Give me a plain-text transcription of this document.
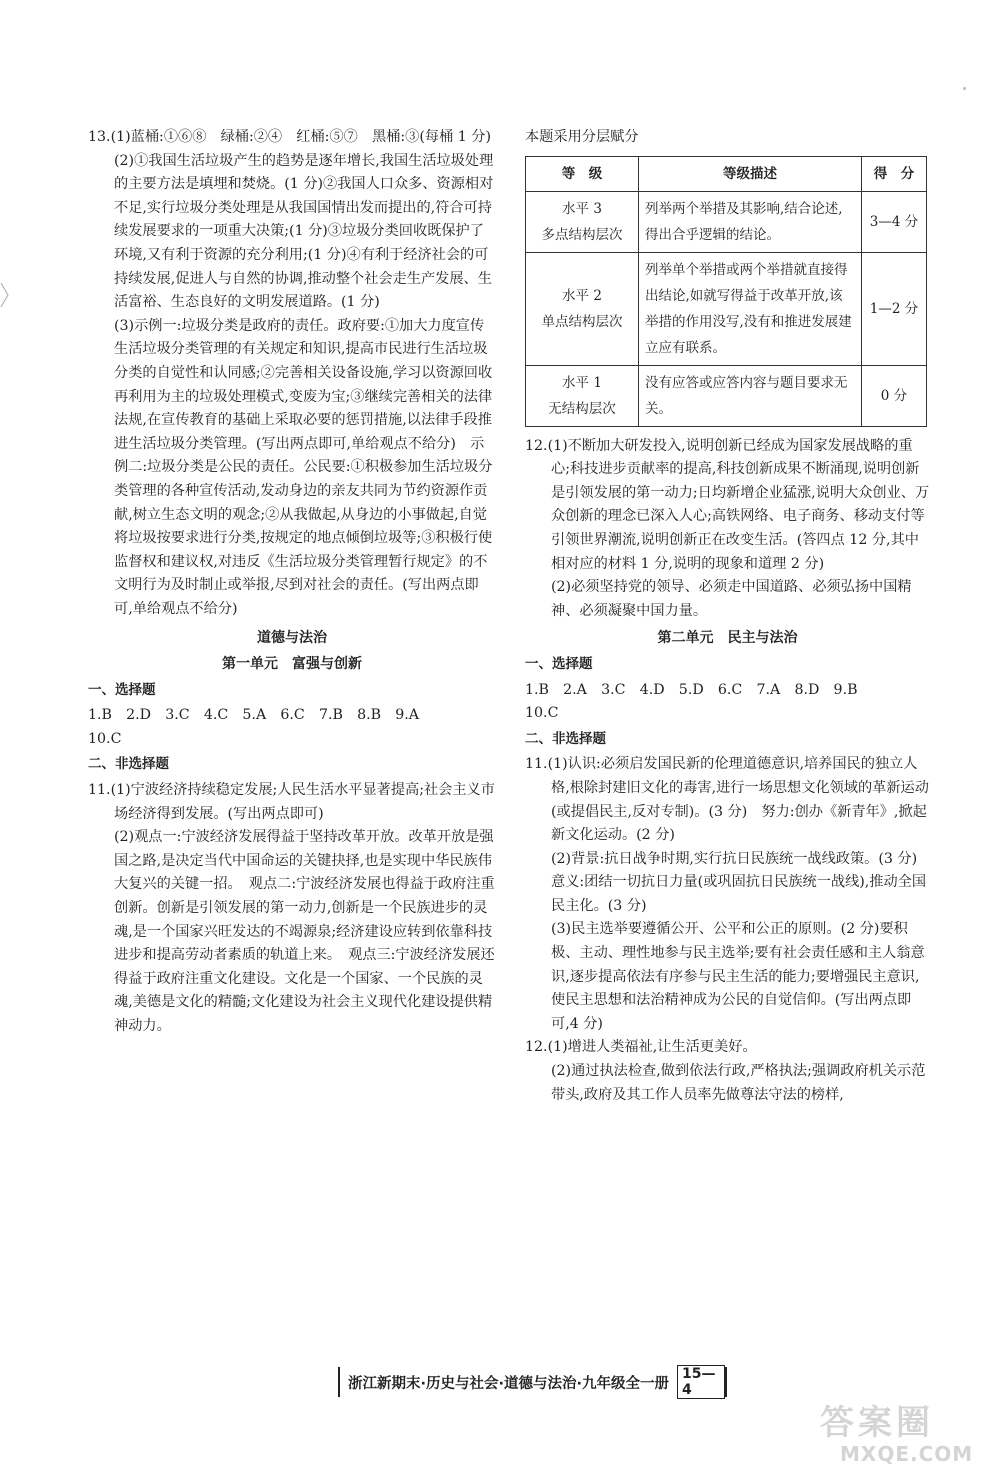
13.(1)蓝桶:①⑥⑧　绿桶:②④　红桶:⑤⑦　黑桶:③(每桶 1 分)

(2)①我国生活垃圾产生的趋势是逐年增长,我国生活垃圾处理的主要方法是填埋和焚烧。(1 分)②我国人口众多、资源相对不足,实行垃圾分类处理是从我国国情出发而提出的,符合可持续发展要求的一项重大决策;(1 分)③垃圾分类回收既保护了环境,又有利于资源的充分利用;(1 分)④有利于经济社会的可持续发展,促进人与自然的协调,推动整个社会走生产发展、生活富裕、生态良好的文明发展道路。(1 分)

(3)示例一:垃圾分类是政府的责任。政府要:①加大力度宣传生活垃圾分类管理的有关规定和知识,提高市民进行生活垃圾分类的自觉性和认同感;②完善相关设备设施,学习以资源回收再利用为主的垃圾处理模式,变废为宝;③继续完善相关的法律法规,在宣传教育的基础上采取必要的惩罚措施,以法律手段推进生活垃圾分类管理。(写出两点即可,单给观点不给分)　示例二:垃圾分类是公民的责任。公民要:①积极参加生活垃圾分类管理的各种宣传活动,发动身边的亲友共同为节约资源作贡献,树立生态文明的观念;②从我做起,从身边的小事做起,自觉将垃圾按要求进行分类,按规定的地点倾倒垃圾等;③积极行使监督权和建议权,对违反《生活垃圾分类管理暂行规定》的不文明行为及时制止或举报,尽到对社会的责任。(写出两点即可,单给观点不给分)

道德与法治

第一单元　富强与创新

一、选择题

1.B　2.D　3.C　4.C　5.A　6.C　7.B　8.B　9.A

10.C

二、非选择题

11.(1)宁波经济持续稳定发展;人民生活水平显著提高;社会主义市场经济得到发展。(写出两点即可)

(2)观点一:宁波经济发展得益于坚持改革开放。改革开放是强国之路,是决定当代中国命运的关键抉择,也是实现中华民族伟大复兴的关键一招。　观点二:宁波经济发展也得益于政府注重创新。创新是引领发展的第一动力,创新是一个民族进步的灵魂,是一个国家兴旺发达的不竭源泉;经济建设应转到依靠科技进步和提高劳动者素质的轨道上来。　观点三:宁波经济发展还得益于政府注重文化建设。文化是一个国家、一个民族的灵魂,美德是文化的精髓;文化建设为社会主义现代化建设提供精神动力。

本题采用分层赋分

等　级	等级描述	得　分
水平 3
多点结构层次	列举两个举措及其影响,结合论述,得出合乎逻辑的结论。	3—4 分
水平 2
单点结构层次	列举单个举措或两个举措就直接得出结论,如就写得益于改革开放,该举措的作用没写,没有和推进发展建立应有联系。	1—2 分
水平 1
无结构层次	没有应答或应答内容与题目要求无关。	0 分

12.(1)不断加大研发投入,说明创新已经成为国家发展战略的重心;科技进步贡献率的提高,科技创新成果不断涌现,说明创新是引领发展的第一动力;日均新增企业猛涨,说明大众创业、万众创新的理念已深入人心;高铁网络、电子商务、移动支付等引领世界潮流,说明创新正在改变生活。(答四点 12 分,其中相对应的材料 1 分,说明的现象和道理 2 分)

(2)必须坚持党的领导、必须走中国道路、必须弘扬中国精神、必须凝聚中国力量。

第二单元　民主与法治

一、选择题

1.B　2.A　3.C　4.D　5.D　6.C　7.A　8.D　9.B

10.C

二、非选择题

11.(1)认识:必须启发国民新的伦理道德意识,培养国民的独立人格,根除封建旧文化的毒害,进行一场思想文化领域的革新运动(或提倡民主,反对专制)。(3 分)　努力:创办《新青年》,掀起新文化运动。(2 分)

(2)背景:抗日战争时期,实行抗日民族统一战线政策。(3 分)　意义:团结一切抗日力量(或巩固抗日民族统一战线),推动全国民主化。(3 分)

(3)民主选举要遵循公开、公平和公正的原则。(2 分)要积极、主动、理性地参与民主选举;要有社会责任感和主人翁意识,逐步提高依法有序参与民主生活的能力;要增强民主意识,使民主思想和法治精神成为公民的自觉信仰。(写出两点即可,4 分)

12.(1)增进人类福祉,让生活更美好。

(2)通过执法检查,做到依法行政,严格执法;强调政府机关示范带头,政府及其工作人员率先做尊法守法的榜样,

浙江新期末·历史与社会·道德与法治·九年级全一册
15—4
答案圈
MXQE.COM
